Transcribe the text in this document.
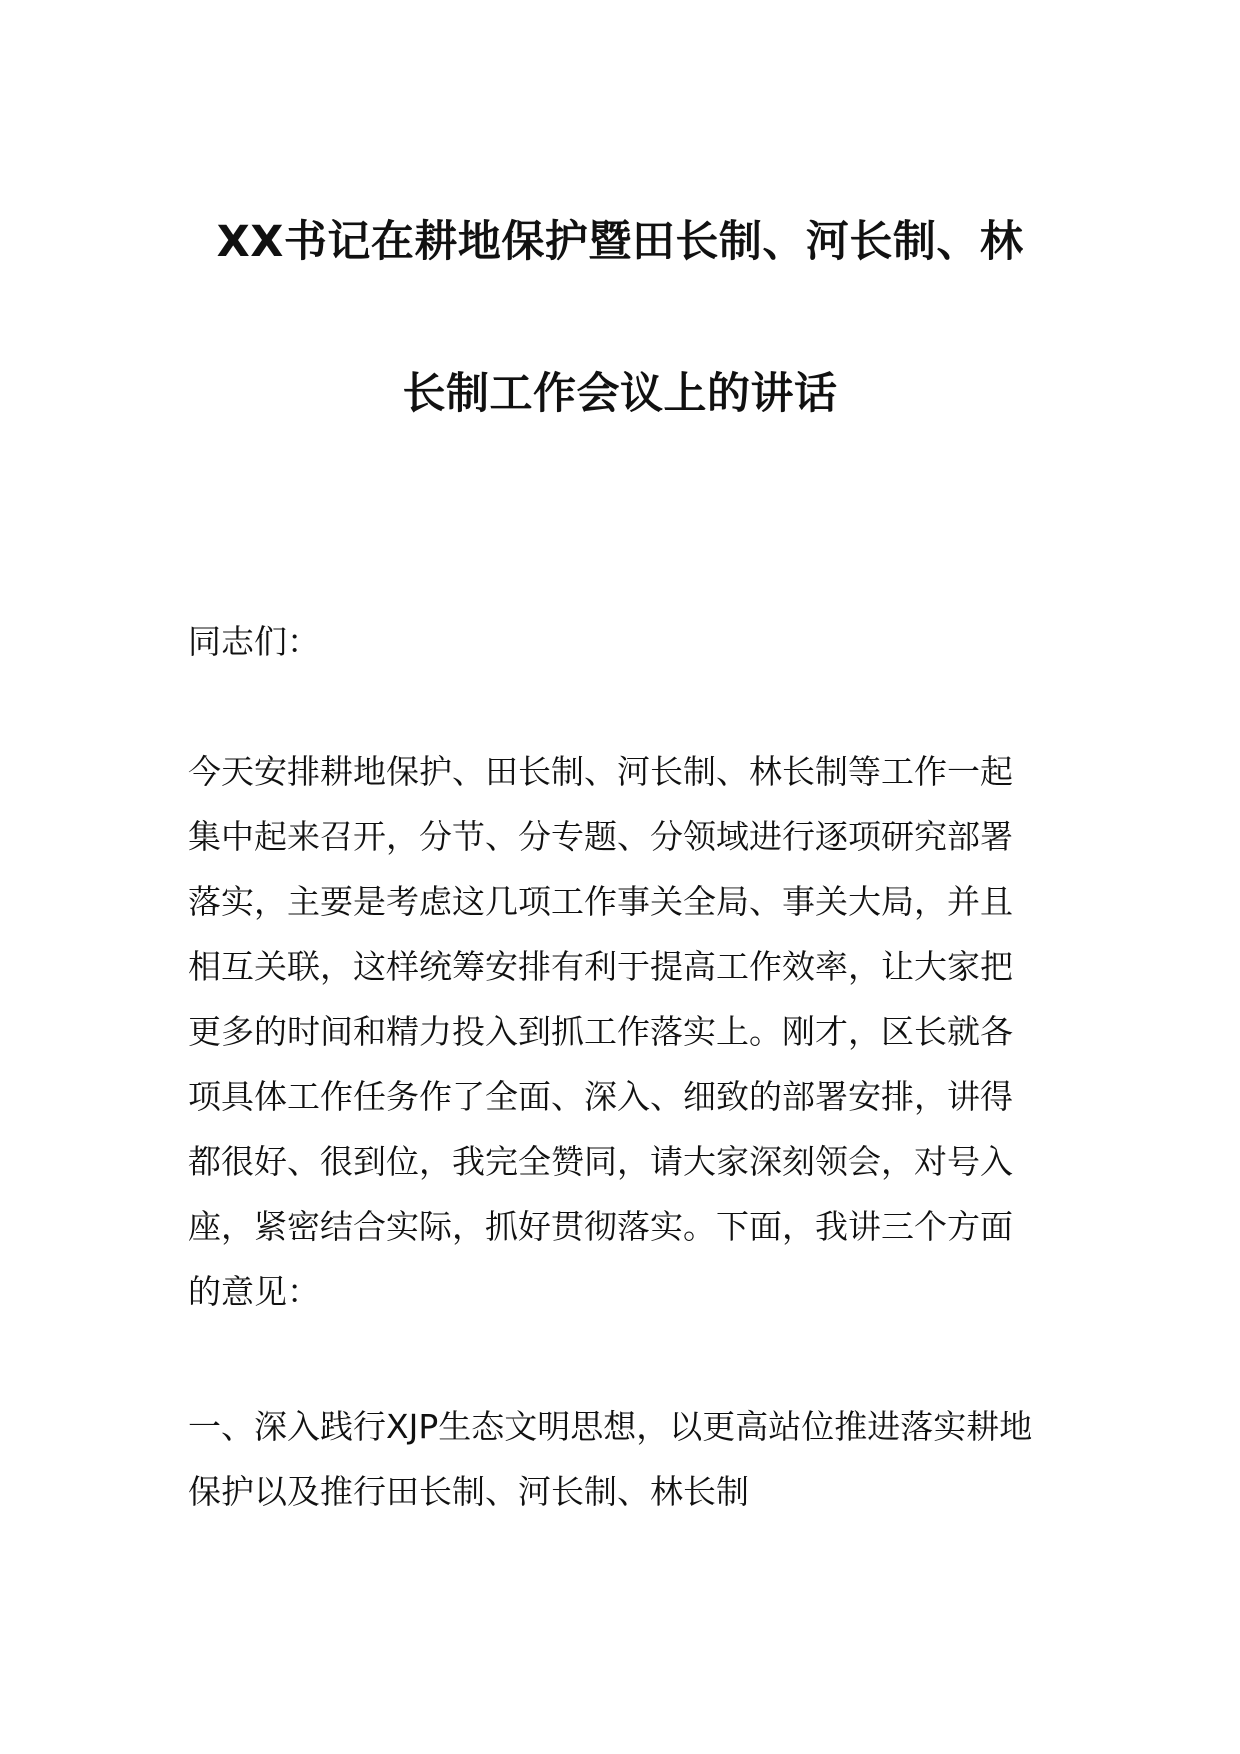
XX书记在耕地保护暨田长制、河长制、林
长制工作会议上的讲话
同志们：
今天安排耕地保护、田长制、河长制、林长制等工作一起
集中起来召开，分节、分专题、分领域进行逐项研究部署
落实，主要是考虑这几项工作事关全局、事关大局，并且
相互关联，这样统筹安排有利于提高工作效率，让大家把
更多的时间和精力投入到抓工作落实上。刚才，区长就各
项具体工作任务作了全面、深入、细致的部署安排，讲得
都很好、很到位，我完全赞同，请大家深刻领会，对号入
座，紧密结合实际，抓好贯彻落实。下面，我讲三个方面
的意见：
一、深入践行XJP生态文明思想，以更高站位推进落实耕地
保护以及推行田长制、河长制、林长制
